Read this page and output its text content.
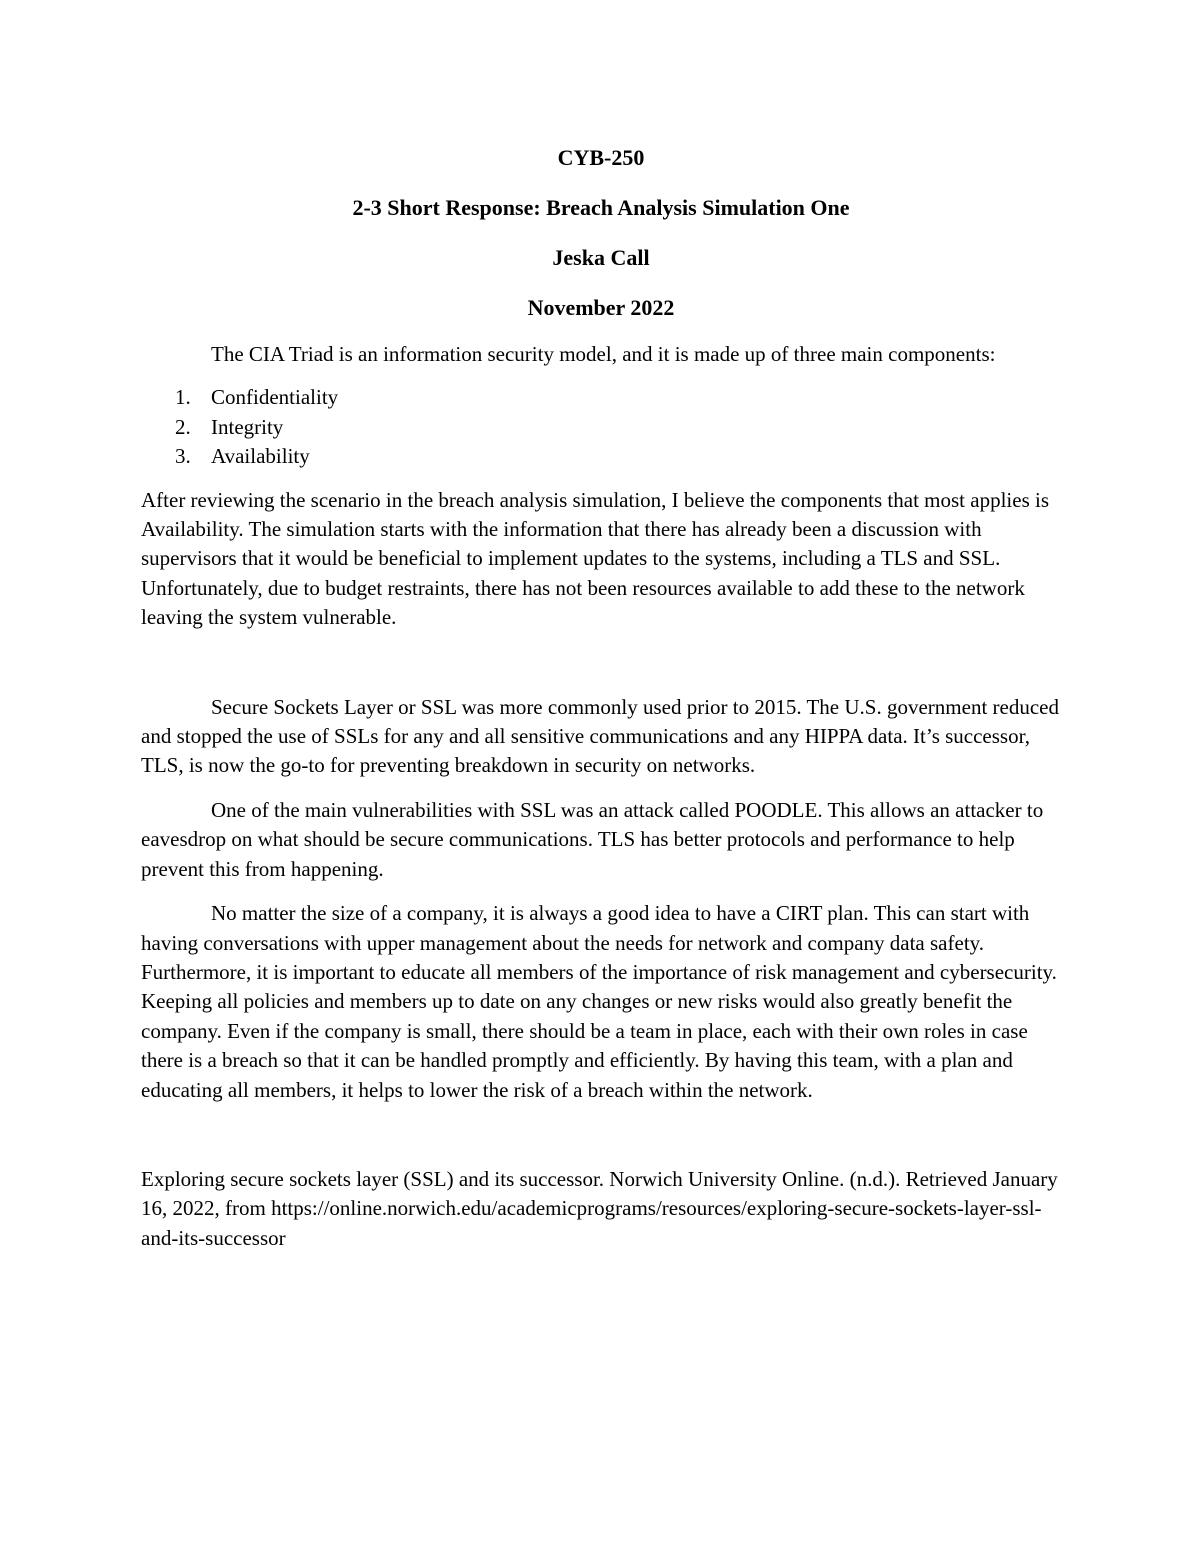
CYB-250
2-3 Short Response: Breach Analysis Simulation One
Jeska Call
November 2022

The CIA Triad is an information security model, and it is made up of three main components:

1. Confidentiality
2. Integrity
3. Availability

After reviewing the scenario in the breach analysis simulation, I believe the components that most applies is Availability. The simulation starts with the information that there has already been a discussion with supervisors that it would be beneficial to implement updates to the systems, including a TLS and SSL. Unfortunately, due to budget restraints, there has not been resources available to add these to the network leaving the system vulnerable.

Secure Sockets Layer or SSL was more commonly used prior to 2015. The U.S. government reduced and stopped the use of SSLs for any and all sensitive communications and any HIPPA data. It’s successor, TLS, is now the go-to for preventing breakdown in security on networks.

One of the main vulnerabilities with SSL was an attack called POODLE. This allows an attacker to eavesdrop on what should be secure communications. TLS has better protocols and performance to help prevent this from happening.

No matter the size of a company, it is always a good idea to have a CIRT plan. This can start with having conversations with upper management about the needs for network and company data safety. Furthermore, it is important to educate all members of the importance of risk management and cybersecurity. Keeping all policies and members up to date on any changes or new risks would also greatly benefit the company. Even if the company is small, there should be a team in place, each with their own roles in case there is a breach so that it can be handled promptly and efficiently. By having this team, with a plan and educating all members, it helps to lower the risk of a breach within the network.

Exploring secure sockets layer (SSL) and its successor. Norwich University Online. (n.d.). Retrieved January 16, 2022, from https://online.norwich.edu/academicprograms/resources/exploring-secure-sockets-layer-ssl-and-its-successor
